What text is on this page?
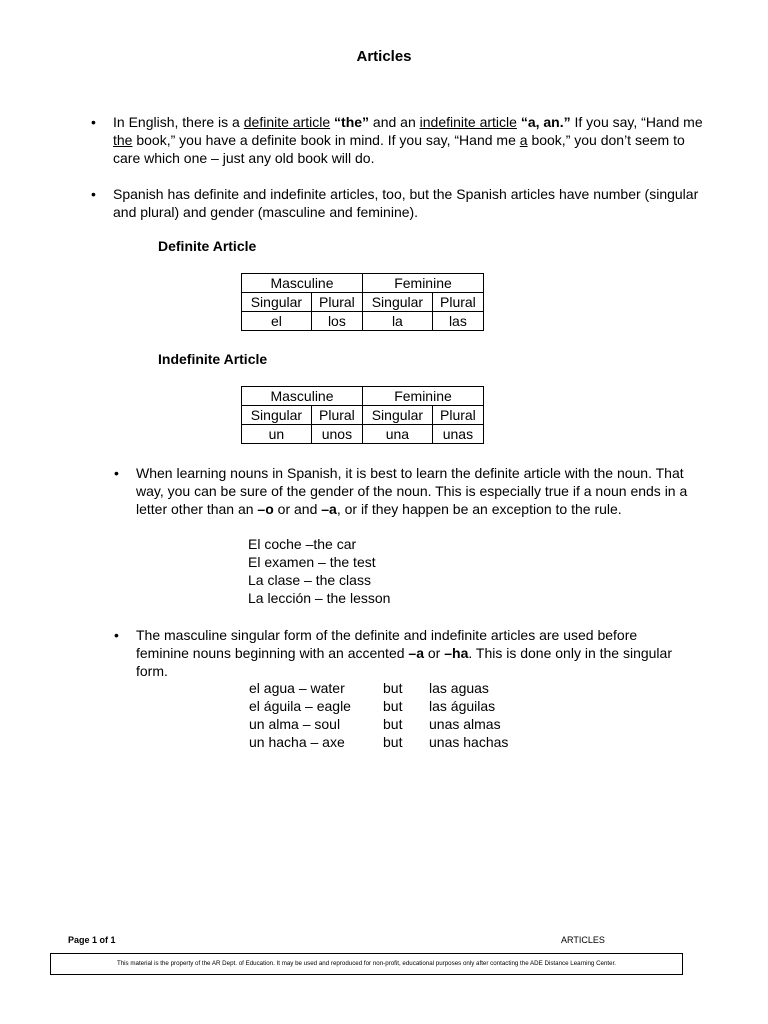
Articles
• In English, there is a definite article “the” and an indefinite article “a, an.” If you say, “Hand me the book,” you have a definite book in mind. If you say, “Hand me a book,” you don’t seem to care which one – just any old book will do.
• Spanish has definite and indefinite articles, too, but the Spanish articles have number (singular and plural) and gender (masculine and feminine).
Definite Article
Masculine		Feminine	
Singular	Plural	Singular	Plural
el	los	la	las
Indefinite Article
Masculine		Feminine	
Singular	Plural	Singular	Plural
un	unos	una	unas
• When learning nouns in Spanish, it is best to learn the definite article with the noun. That way, you can be sure of the gender of the noun. This is especially true if a noun ends in a letter other than an –o or and –a, or if they happen be an exception to the rule.
El coche –the car
El examen – the test
La clase – the class
La lección – the lesson
• The masculine singular form of the definite and indefinite articles are used before feminine nouns beginning with an accented –a or –ha. This is done only in the singular form.
el agua – water	but	las aguas
el águila – eagle	but	las águilas
un alma – soul	but	unas almas
un hacha – axe	but	unas hachas
Page 1 of 1	ARTICLES
This material is the property of the AR Dept. of Education. It may be used and reproduced for non-profit, educational purposes only after contacting the ADE Distance Learning Center.
